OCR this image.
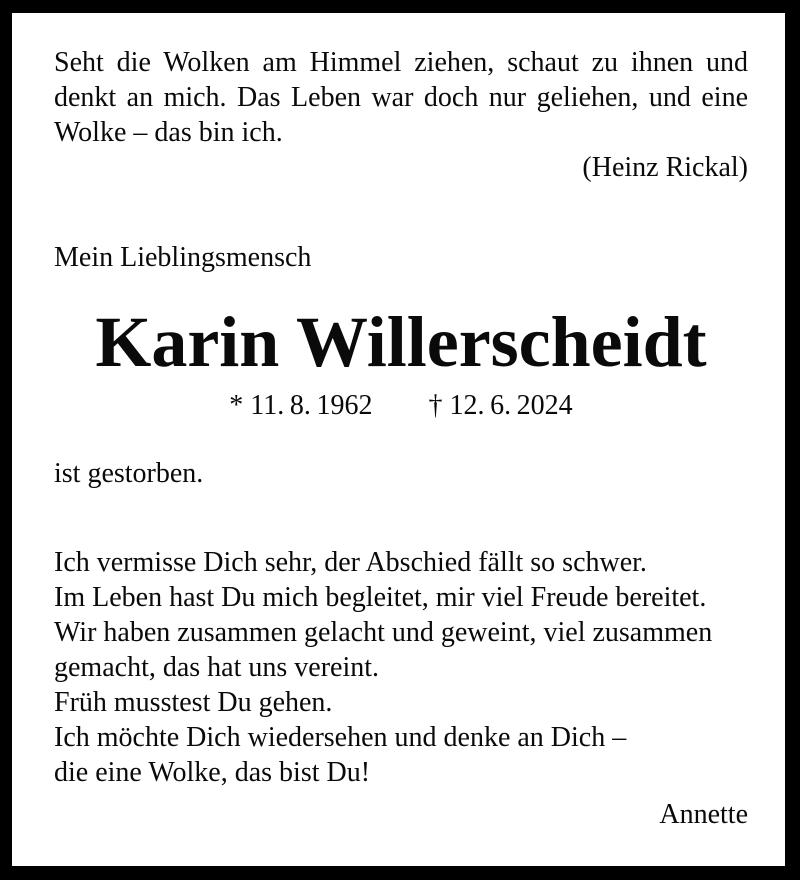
Seht die Wolken am Himmel ziehen, schaut zu ihnen und denkt an mich. Das Leben war doch nur geliehen, und eine Wolke – das bin ich.
(Heinz Rickal)
Mein Lieblingsmensch
Karin Willerscheidt
* 11. 8. 1962 † 12. 6. 2024
ist gestorben.
Ich vermisse Dich sehr, der Abschied fällt so schwer.
Im Leben hast Du mich begleitet, mir viel Freude bereitet.
Wir haben zusammen gelacht und geweint, viel zusammen
gemacht, das hat uns vereint.
Früh musstest Du gehen.
Ich möchte Dich wiedersehen und denke an Dich –
die eine Wolke, das bist Du!
Annette
